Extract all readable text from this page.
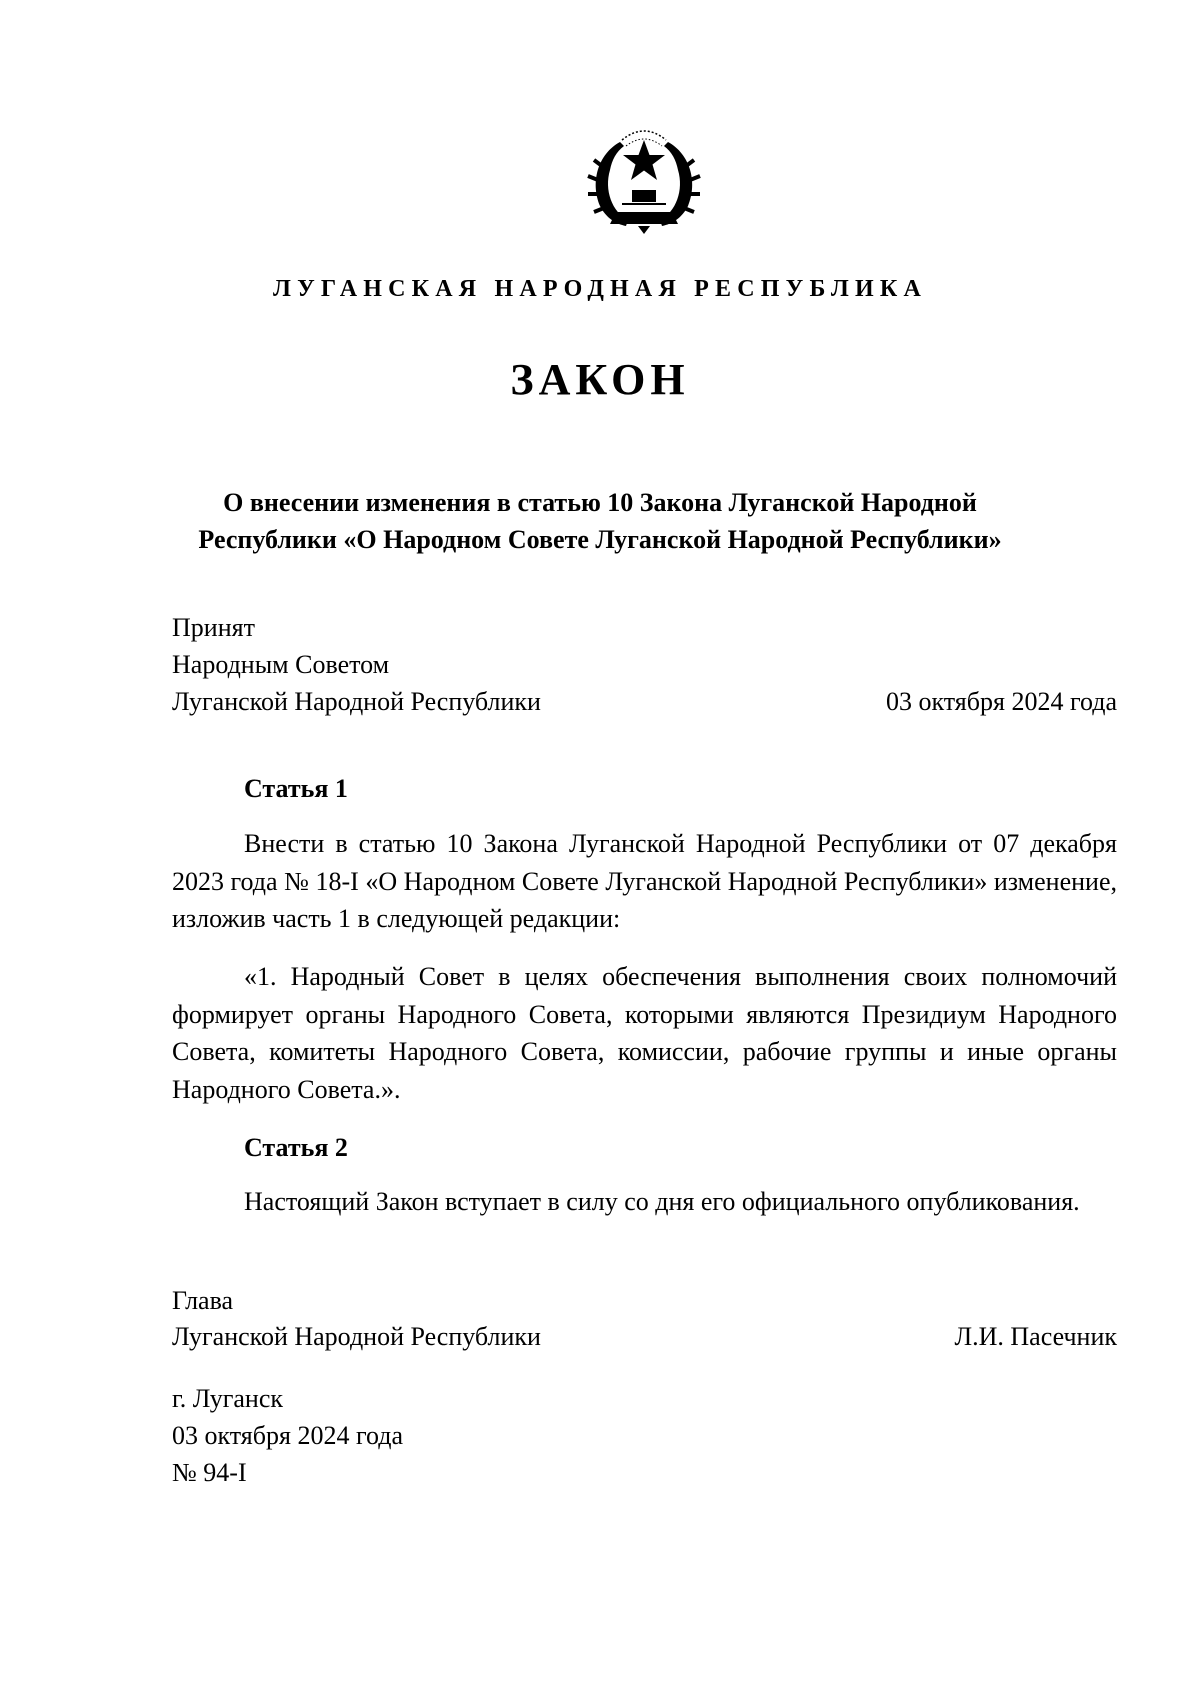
ЛУГАНСКАЯ НАРОДНАЯ РЕСПУБЛИКА
ЗАКОН
О внесении изменения в статью 10 Закона Луганской Народной
Республики «О Народном Совете Луганской Народной Республики»
Принят
Народным Советом
Луганской Народной Республики	03 октября 2024 года
Статья 1
Внести в статью 10 Закона Луганской Народной Республики от 07 декабря 2023 года № 18-I «О Народном Совете Луганской Народной Республики» изменение, изложив часть 1 в следующей редакции:
«1. Народный Совет в целях обеспечения выполнения своих полномочий формирует органы Народного Совета, которыми являются Президиум Народного Совета, комитеты Народного Совета, комиссии, рабочие группы и иные органы Народного Совета.».
Статья 2
Настоящий Закон вступает в силу со дня его официального опубликования.
Глава
Луганской Народной Республики	Л.И. Пасечник
г. Луганск
03 октября 2024 года
№ 94-I
